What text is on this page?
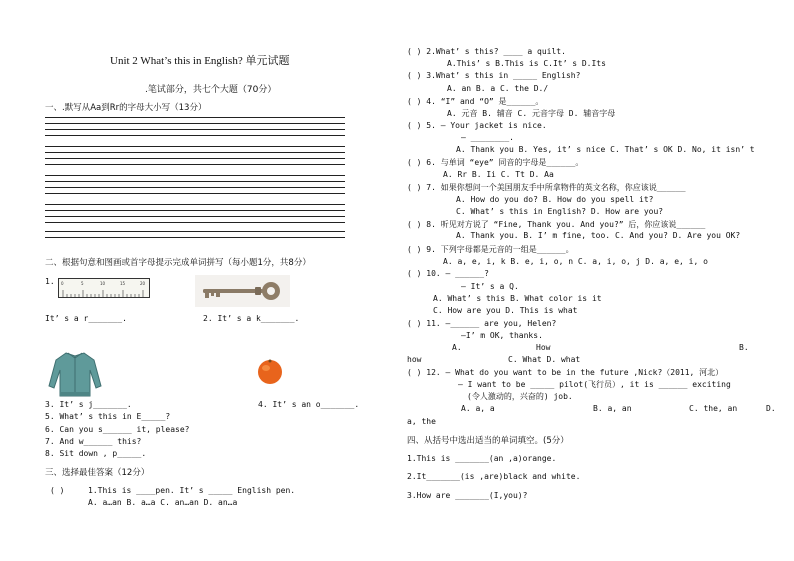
Unit 2 What’s this in English? 单元试题
.笔试部分，共七个大题（70分）
一、.默写从Aa到Rr的字母大小写（13分）
二、根据句意和图画或首字母提示完成单词拼写（每小题1分，共8分）
1. 0	5	10	15	20
It’ s a r_______.	2. It’ s a k_______.
3. It’ s j_______.	4. It’ s an o_______.
5. What’ s this in E_____?
6. Can you s______ it, please?
7. And w______ this?
8. Sit down , p_____.
三、选择最佳答案（12分）
( )	1.This is ____pen. It’ s _____ English pen.
A. a…an B. a…a C. an…an D. an…a
( ) 2.What’ s this? ____ a quilt.
A.This’ s B.This is C.It’ s D.Its
( ) 3.What’ s this in _____ English?
A. an B. a C. the D./
( ) 4. “I” and “O” 是______。
A. 元音 B. 辅音 C. 元音字母 D. 辅音字母
( ) 5. — Your jacket is nice.
— ________.
A. Thank you B. Yes, it’ s nice C. That’ s OK D. No, it isn’ t
( ) 6. 与单词 “eye” 同音的字母是______。
A. Rr B. Ii C. Tt D. Aa
( ) 7. 如果你想问一个美国朋友手中所拿物件的英文名称，你应该说______
A. How do you do? B. How do you spell it?
C. What’ s this in English? D. How are you?
( ) 8. 听见对方说了 “Fine, Thank you. And you?” 后，你应该说______
A. Thank you. B. I’ m fine, too. C. And you? D. Are you OK?
( ) 9. 下列字母都是元音的一组是______。
A. a, e, i, k B. e, i, o, n C. a, i, o, j D. a, e, i, o
( ) 10. — ______?
— It’ s a Q.
A. What’ s this B. What color is it
C. How are you D. This is what
( ) 11. —______ are you, Helen?
—I’ m OK, thanks.
A.	How	B.
how	C. What D. what
( ) 12. — What do you want to be in the future ,Nick?（2011, 河北）
— I want to be _____ pilot(飞行员）, it is ______ exciting
(令人激动的，兴奋的) job.
A. a, a	B. a, an	C. the, an	D.
a, the
四、从括号中选出适当的单词填空。(5分）
1.This is _______(an ,a)orange.
2.It_______(is ,are)black and white.
3.How are _______(I,you)?
